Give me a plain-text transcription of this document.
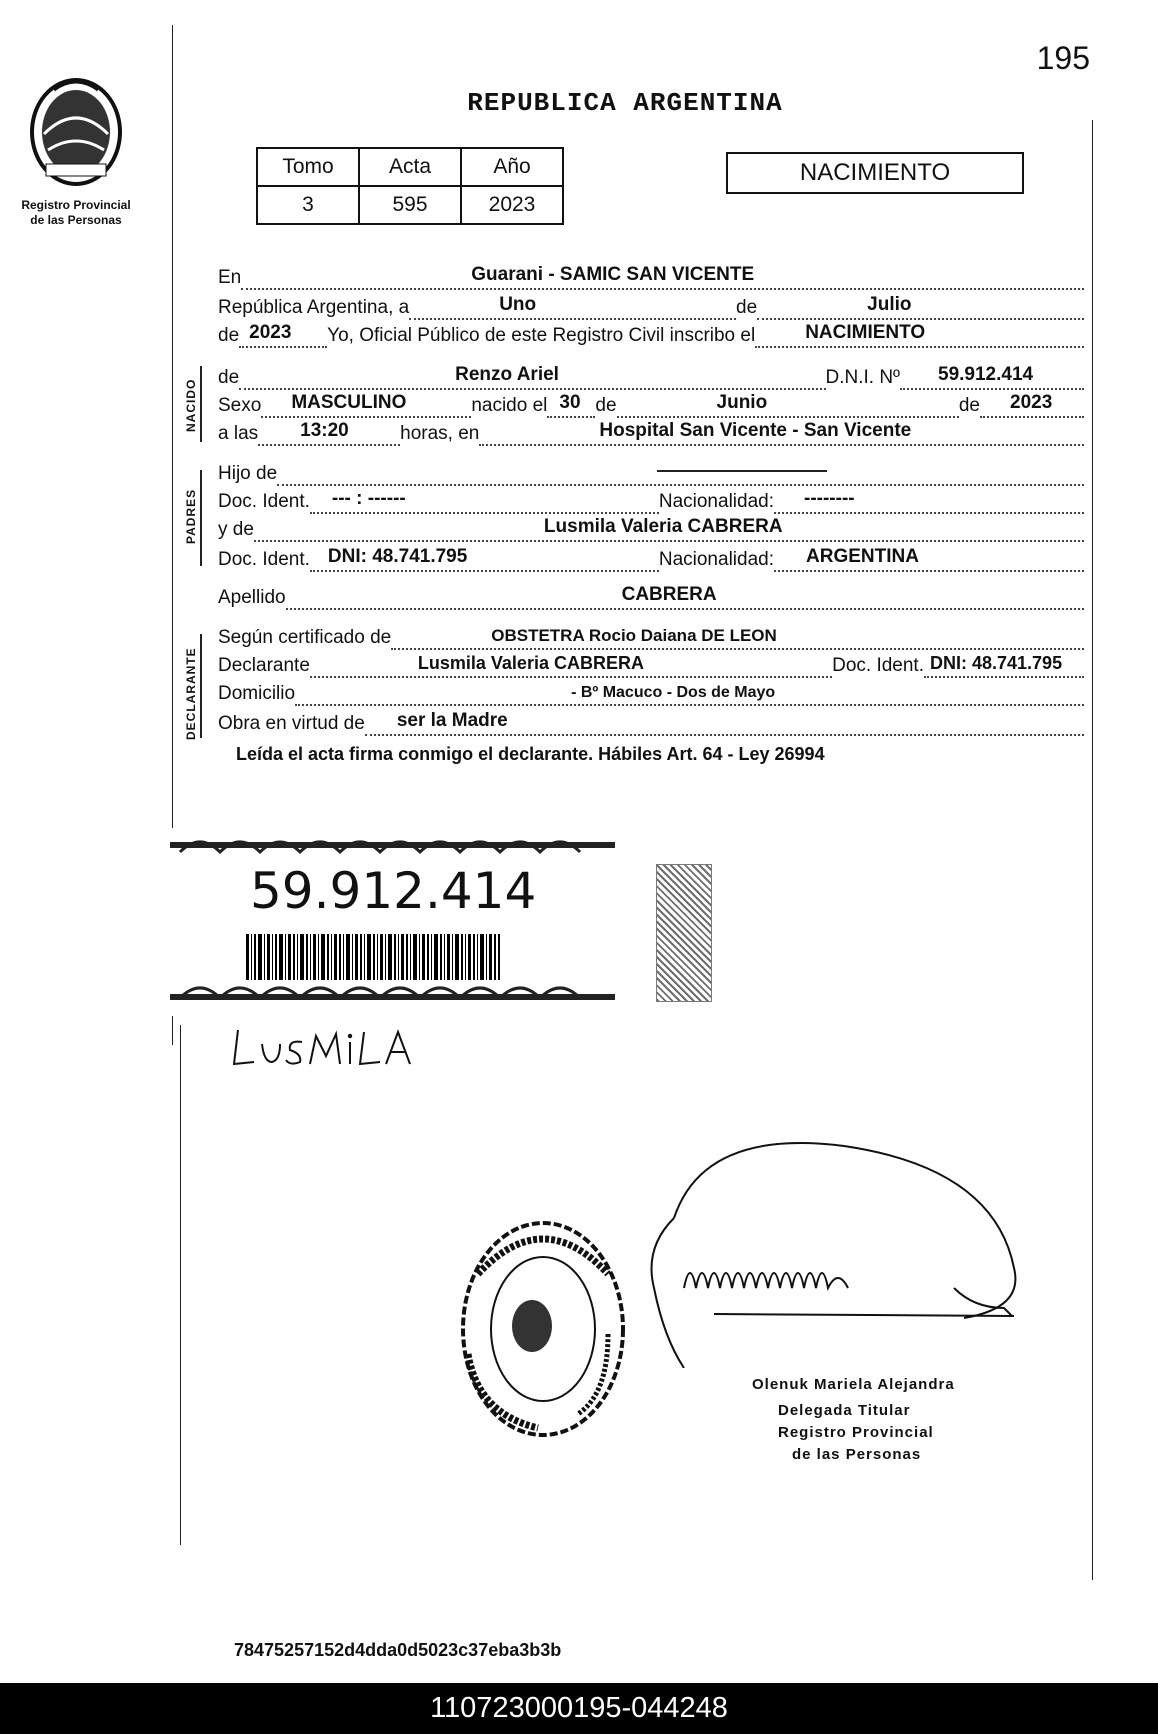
195
Registro Provincial
de las Personas
REPUBLICA ARGENTINA
Tomo	Acta	Año
3	595	2023
NACIMIENTO
En	Guarani - SAMIC SAN VICENTE
República Argentina, a	Uno	de	Julio
de 2023 Yo, Oficial Público de este Registro Civil inscribo el	NACIMIENTO
NACIDO
de	Renzo Ariel	D.N.I. Nº 59.912.414
Sexo MASCULINO	nacido el 30 de	Junio	de 2023
a las 13:20	horas, en	Hospital San Vicente - San Vicente
PADRES
Hijo de
Doc. Ident. --- : ------	Nacionalidad: --------
y de	Lusmila Valeria CABRERA
Doc. Ident. DNI: 48.741.795	Nacionalidad: ARGENTINA
Apellido	CABRERA
DECLARANTE
Según certificado de	OBSTETRA Rocio Daiana DE LEON
Declarante	Lusmila Valeria CABRERA	Doc. Ident. DNI: 48.741.795
Domicilio	- Bº Macuco - Dos de Mayo
Obra en virtud de ser la Madre
Leída el acta firma conmigo el declarante. Hábiles Art. 64 - Ley 26994
59.912.414
Olenuk Mariela Alejandra
Delegada Titular
Registro Provincial
de las Personas
78475257152d4dda0d5023c37eba3b3b
110723000195-044248
